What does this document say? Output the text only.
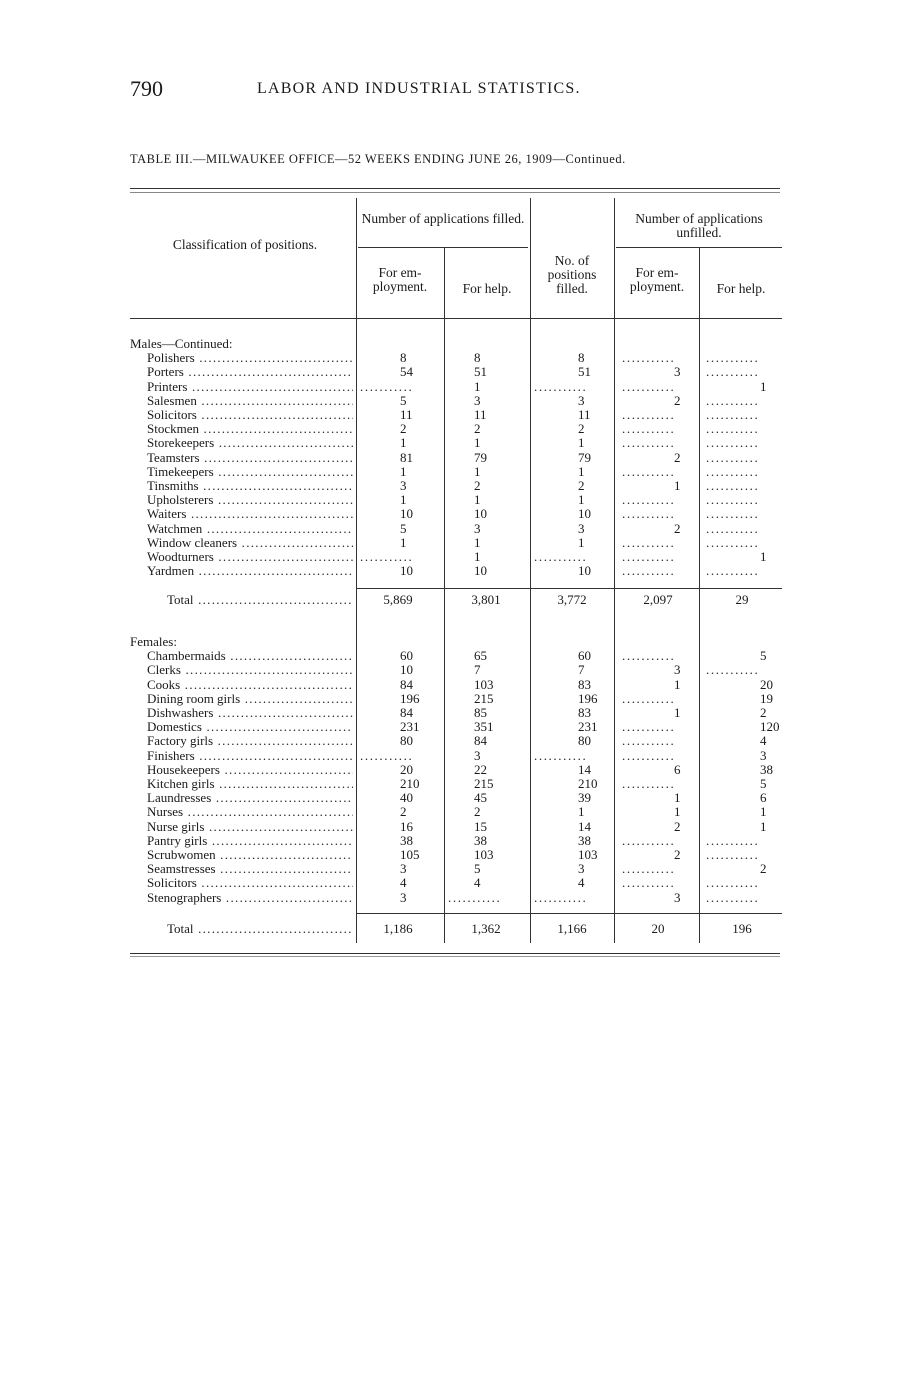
790	LABOR AND INDUSTRIAL STATISTICS.
TABLE III.—MILWAUKEE OFFICE—52 WEEKS ENDING JUNE 26, 1909—Continued.
Classification of positions.
Number of applications filled.	Number of applications unfilled.
For em-ployment.	For help.
No. of positions filled.
For em-ployment.	For help.
Males—Continued:
Polishers .....	8	8	8	...........	...........
Porters .....	54	51	51	3	...........
Printers .....	...........	1	...........	...........	1
Salesmen .....	5	3	3	2	...........
Solicitors .....	11	11	11	...........	...........
Stockmen .....	2	2	2	...........	...........
Storekeepers .....	1	1	1	...........	...........
Teamsters .....	81	79	79	2	...........
Timekeepers .....	1	1	1	...........	...........
Tinsmiths .....	3	2	2	1	...........
Upholsterers .....	1	1	1	...........	...........
Waiters .....	10	10	10	...........	...........
Watchmen .....	5	3	3	2	...........
Window cleaners .....	1	1	1	...........	...........
Woodturners .....	...........	1	...........	...........	1
Yardmen .....	10	10	10	...........	...........
Total .....	5,869	3,801	3,772	2,097	29
Females:
Chambermaids .....	60	65	60	...........	5
Clerks .....	10	7	7	3	...........
Cooks .....	84	103	83	1	20
Dining room girls .....	196	215	196	...........	19
Dishwashers .....	84	85	83	1	2
Domestics .....	231	351	231	...........	120
Factory girls .....	80	84	80	...........	4
Finishers .....	...........	3	...........	...........	3
Housekeepers .....	20	22	14	6	38
Kitchen girls .....	210	215	210	...........	5
Laundresses .....	40	45	39	1	6
Nurses .....	2	2	1	1	1
Nurse girls .....	16	15	14	2	1
Pantry girls .....	38	38	38	...........	...........
Scrubwomen .....	105	103	103	2	...........
Seamstresses .....	3	5	3	...........	2
Solicitors .....	4	4	4	...........	...........
Stenographers .....	3	...........	...........	3	...........
Total .....	1,186	1,362	1,166	20	196
